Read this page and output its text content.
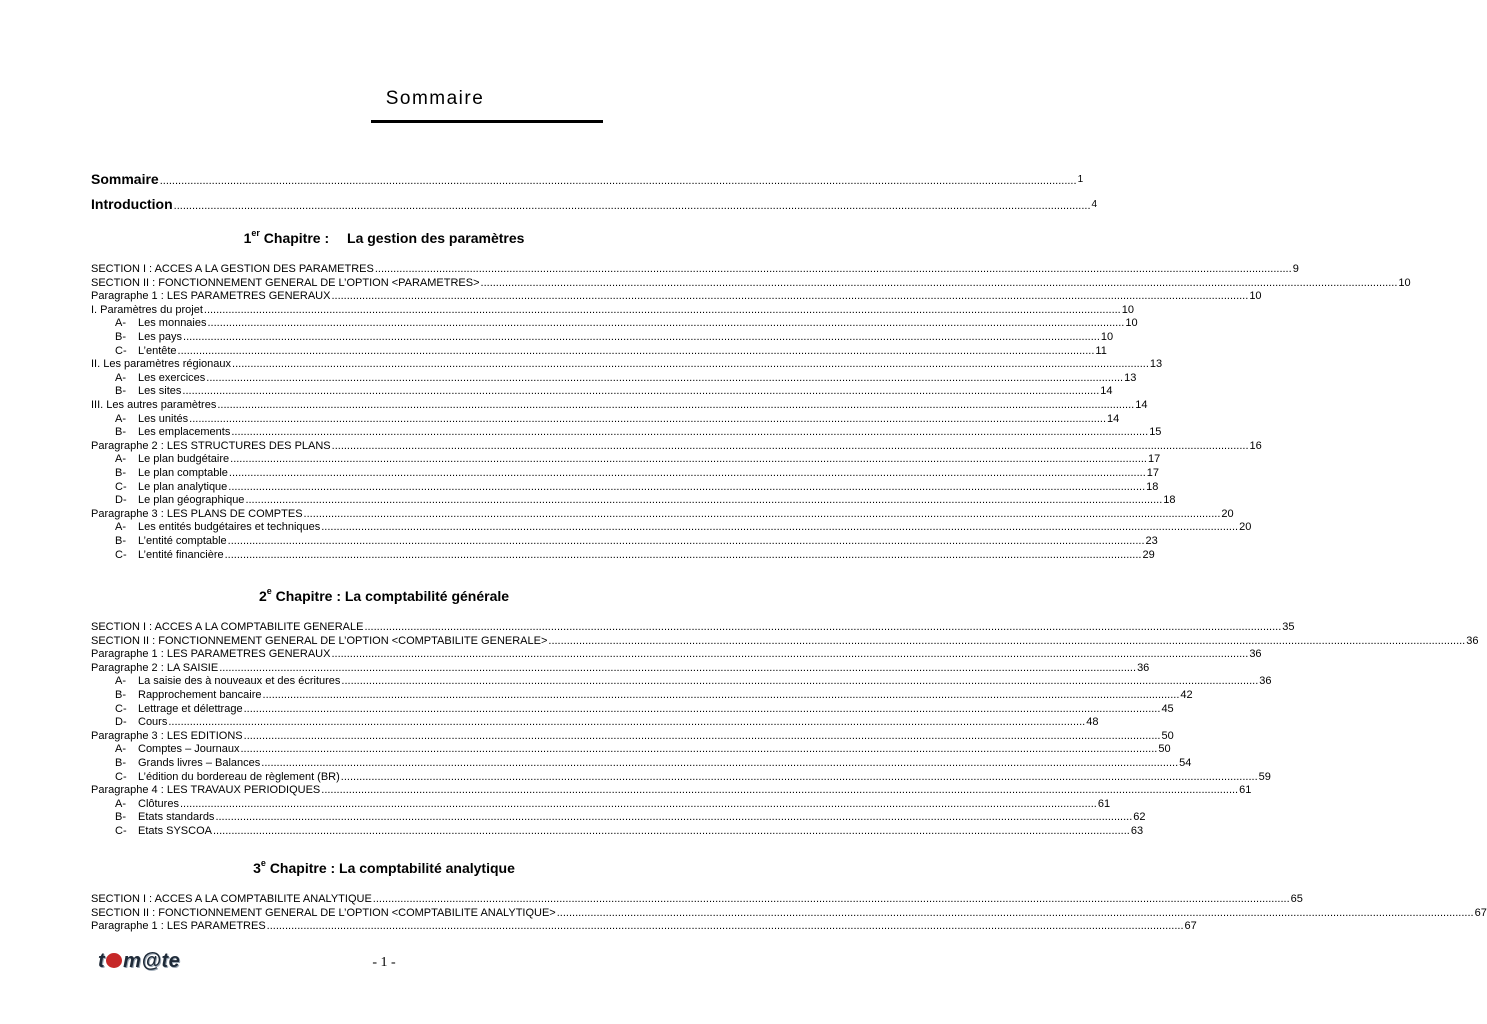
Sommaire
Sommaire ............................................................................................................................................................................................................................................................................................................ 1
Introduction ............................................................................................................................................................................................................................................................................................................ 4
1er Chapitre : La gestion des paramètres
2e Chapitre : La comptabilité générale
3e Chapitre : La comptabilité analytique
SECTION I : ACCES A LA GESTION DES PARAMETRES ............................................................................................................................................................................................................................................................................................................ 9
SECTION II : FONCTIONNEMENT GENERAL DE L’OPTION <PARAMETRES> ............................................................................................................................................................................................................................................................................................................ 10
Paragraphe 1 : LES PARAMETRES GENERAUX ............................................................................................................................................................................................................................................................................................................ 10
I. Paramètres du projet ............................................................................................................................................................................................................................................................................................................ 10
A- Les monnaies ............................................................................................................................................................................................................................................................................................................ 10
B- Les pays ............................................................................................................................................................................................................................................................................................................ 10
C- L’entête ............................................................................................................................................................................................................................................................................................................ 11
II. Les paramètres régionaux ............................................................................................................................................................................................................................................................................................................ 13
A- Les exercices ............................................................................................................................................................................................................................................................................................................ 13
B- Les sites ............................................................................................................................................................................................................................................................................................................ 14
III. Les autres paramètres ............................................................................................................................................................................................................................................................................................................ 14
A- Les unités ............................................................................................................................................................................................................................................................................................................ 14
B- Les emplacements ............................................................................................................................................................................................................................................................................................................ 15
Paragraphe 2 : LES STRUCTURES DES PLANS ............................................................................................................................................................................................................................................................................................................ 16
A- Le plan budgétaire ............................................................................................................................................................................................................................................................................................................ 17
B- Le plan comptable ............................................................................................................................................................................................................................................................................................................ 17
C- Le plan analytique ............................................................................................................................................................................................................................................................................................................ 18
D- Le plan géographique ............................................................................................................................................................................................................................................................................................................ 18
Paragraphe 3 : LES PLANS DE COMPTES ............................................................................................................................................................................................................................................................................................................ 20
A- Les entités budgétaires et techniques ............................................................................................................................................................................................................................................................................................................ 20
B- L’entité comptable ............................................................................................................................................................................................................................................................................................................ 23
C- L’entité financière ............................................................................................................................................................................................................................................................................................................ 29
SECTION I : ACCES A LA COMPTABILITE GENERALE ............................................................................................................................................................................................................................................................................................................ 35
SECTION II : FONCTIONNEMENT GENERAL DE L’OPTION <COMPTABILITE GENERALE> ............................................................................................................................................................................................................................................................................................................ 36
Paragraphe 1 : LES PARAMETRES GENERAUX ............................................................................................................................................................................................................................................................................................................ 36
Paragraphe 2 : LA SAISIE ............................................................................................................................................................................................................................................................................................................ 36
A- La saisie des à nouveaux et des écritures ............................................................................................................................................................................................................................................................................................................ 36
B- Rapprochement bancaire ............................................................................................................................................................................................................................................................................................................ 42
C- Lettrage et délettrage ............................................................................................................................................................................................................................................................................................................ 45
D- Cours ............................................................................................................................................................................................................................................................................................................ 48
Paragraphe 3 : LES EDITIONS ............................................................................................................................................................................................................................................................................................................ 50
A- Comptes – Journaux ............................................................................................................................................................................................................................................................................................................ 50
B- Grands livres – Balances ............................................................................................................................................................................................................................................................................................................ 54
C- L’édition du bordereau de règlement (BR) ............................................................................................................................................................................................................................................................................................................ 59
Paragraphe 4 : LES TRAVAUX PERIODIQUES ............................................................................................................................................................................................................................................................................................................ 61
A- Clôtures ............................................................................................................................................................................................................................................................................................................ 61
B- Etats standards ............................................................................................................................................................................................................................................................................................................ 62
C- Etats SYSCOA ............................................................................................................................................................................................................................................................................................................ 63
SECTION I : ACCES A LA COMPTABILITE ANALYTIQUE ............................................................................................................................................................................................................................................................................................................ 65
SECTION II : FONCTIONNEMENT GENERAL DE L’OPTION <COMPTABILITE ANALYTIQUE> ............................................................................................................................................................................................................................................................................................................ 67
Paragraphe 1 : LES PARAMETRES ............................................................................................................................................................................................................................................................................................................ 67
t m@te	- 1 -
